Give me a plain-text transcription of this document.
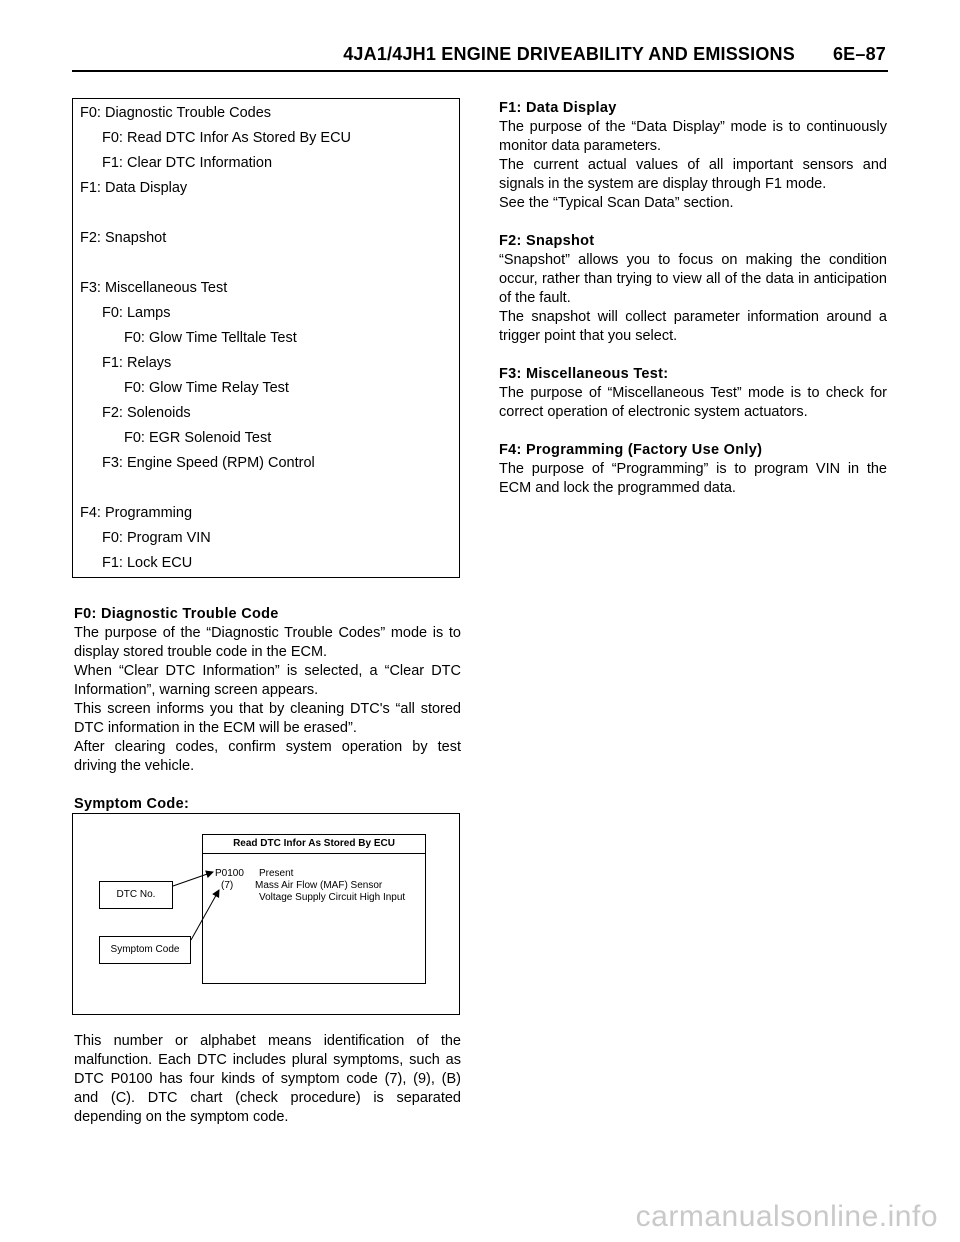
4JA1/4JH1 ENGINE DRIVEABILITY AND EMISSIONS 6E–87
F0: Diagnostic Trouble Codes
F0: Read DTC Infor As Stored By ECU
F1: Clear DTC Information
F1: Data Display
F2: Snapshot
F3: Miscellaneous Test
F0: Lamps
F0: Glow Time Telltale Test
F1: Relays
F0: Glow Time Relay Test
F2: Solenoids
F0: EGR Solenoid Test
F3: Engine Speed (RPM) Control
F4: Programming
F0: Program VIN
F1: Lock ECU

F0: Diagnostic Trouble Code

The purpose of the “Diagnostic Trouble Codes” mode is to display stored trouble code in the ECM.

When “Clear DTC Information” is selected, a “Clear DTC Information”, warning screen appears.

This screen informs you that by cleaning DTC's “all stored DTC information in the ECM will be erased”.

After clearing codes, confirm system operation by test driving the vehicle.

Symptom Code:

Read DTC Infor As Stored By ECU
P0100 Present
(7) Mass Air Flow (MAF) Sensor
Voltage Supply Circuit High Input
DTC No.
Symptom Code

This number or alphabet means identification of the malfunction. Each DTC includes plural symptoms, such as DTC P0100 has four kinds of symptom code (7), (9), (B) and (C). DTC chart (check procedure) is separated depending on the symptom code.

F1: Data Display

The purpose of the “Data Display” mode is to continuously monitor data parameters.

The current actual values of all important sensors and signals in the system are display through F1 mode.

See the “Typical Scan Data” section.

F2: Snapshot

“Snapshot” allows you to focus on making the condition occur, rather than trying to view all of the data in anticipation of the fault.

The snapshot will collect parameter information around a trigger point that you select.

F3: Miscellaneous Test:

The purpose of “Miscellaneous Test” mode is to check for correct operation of electronic system actuators.

F4: Programming (Factory Use Only)

The purpose of “Programming” is to program VIN in the ECM and lock the programmed data.

carmanualsonline.info
